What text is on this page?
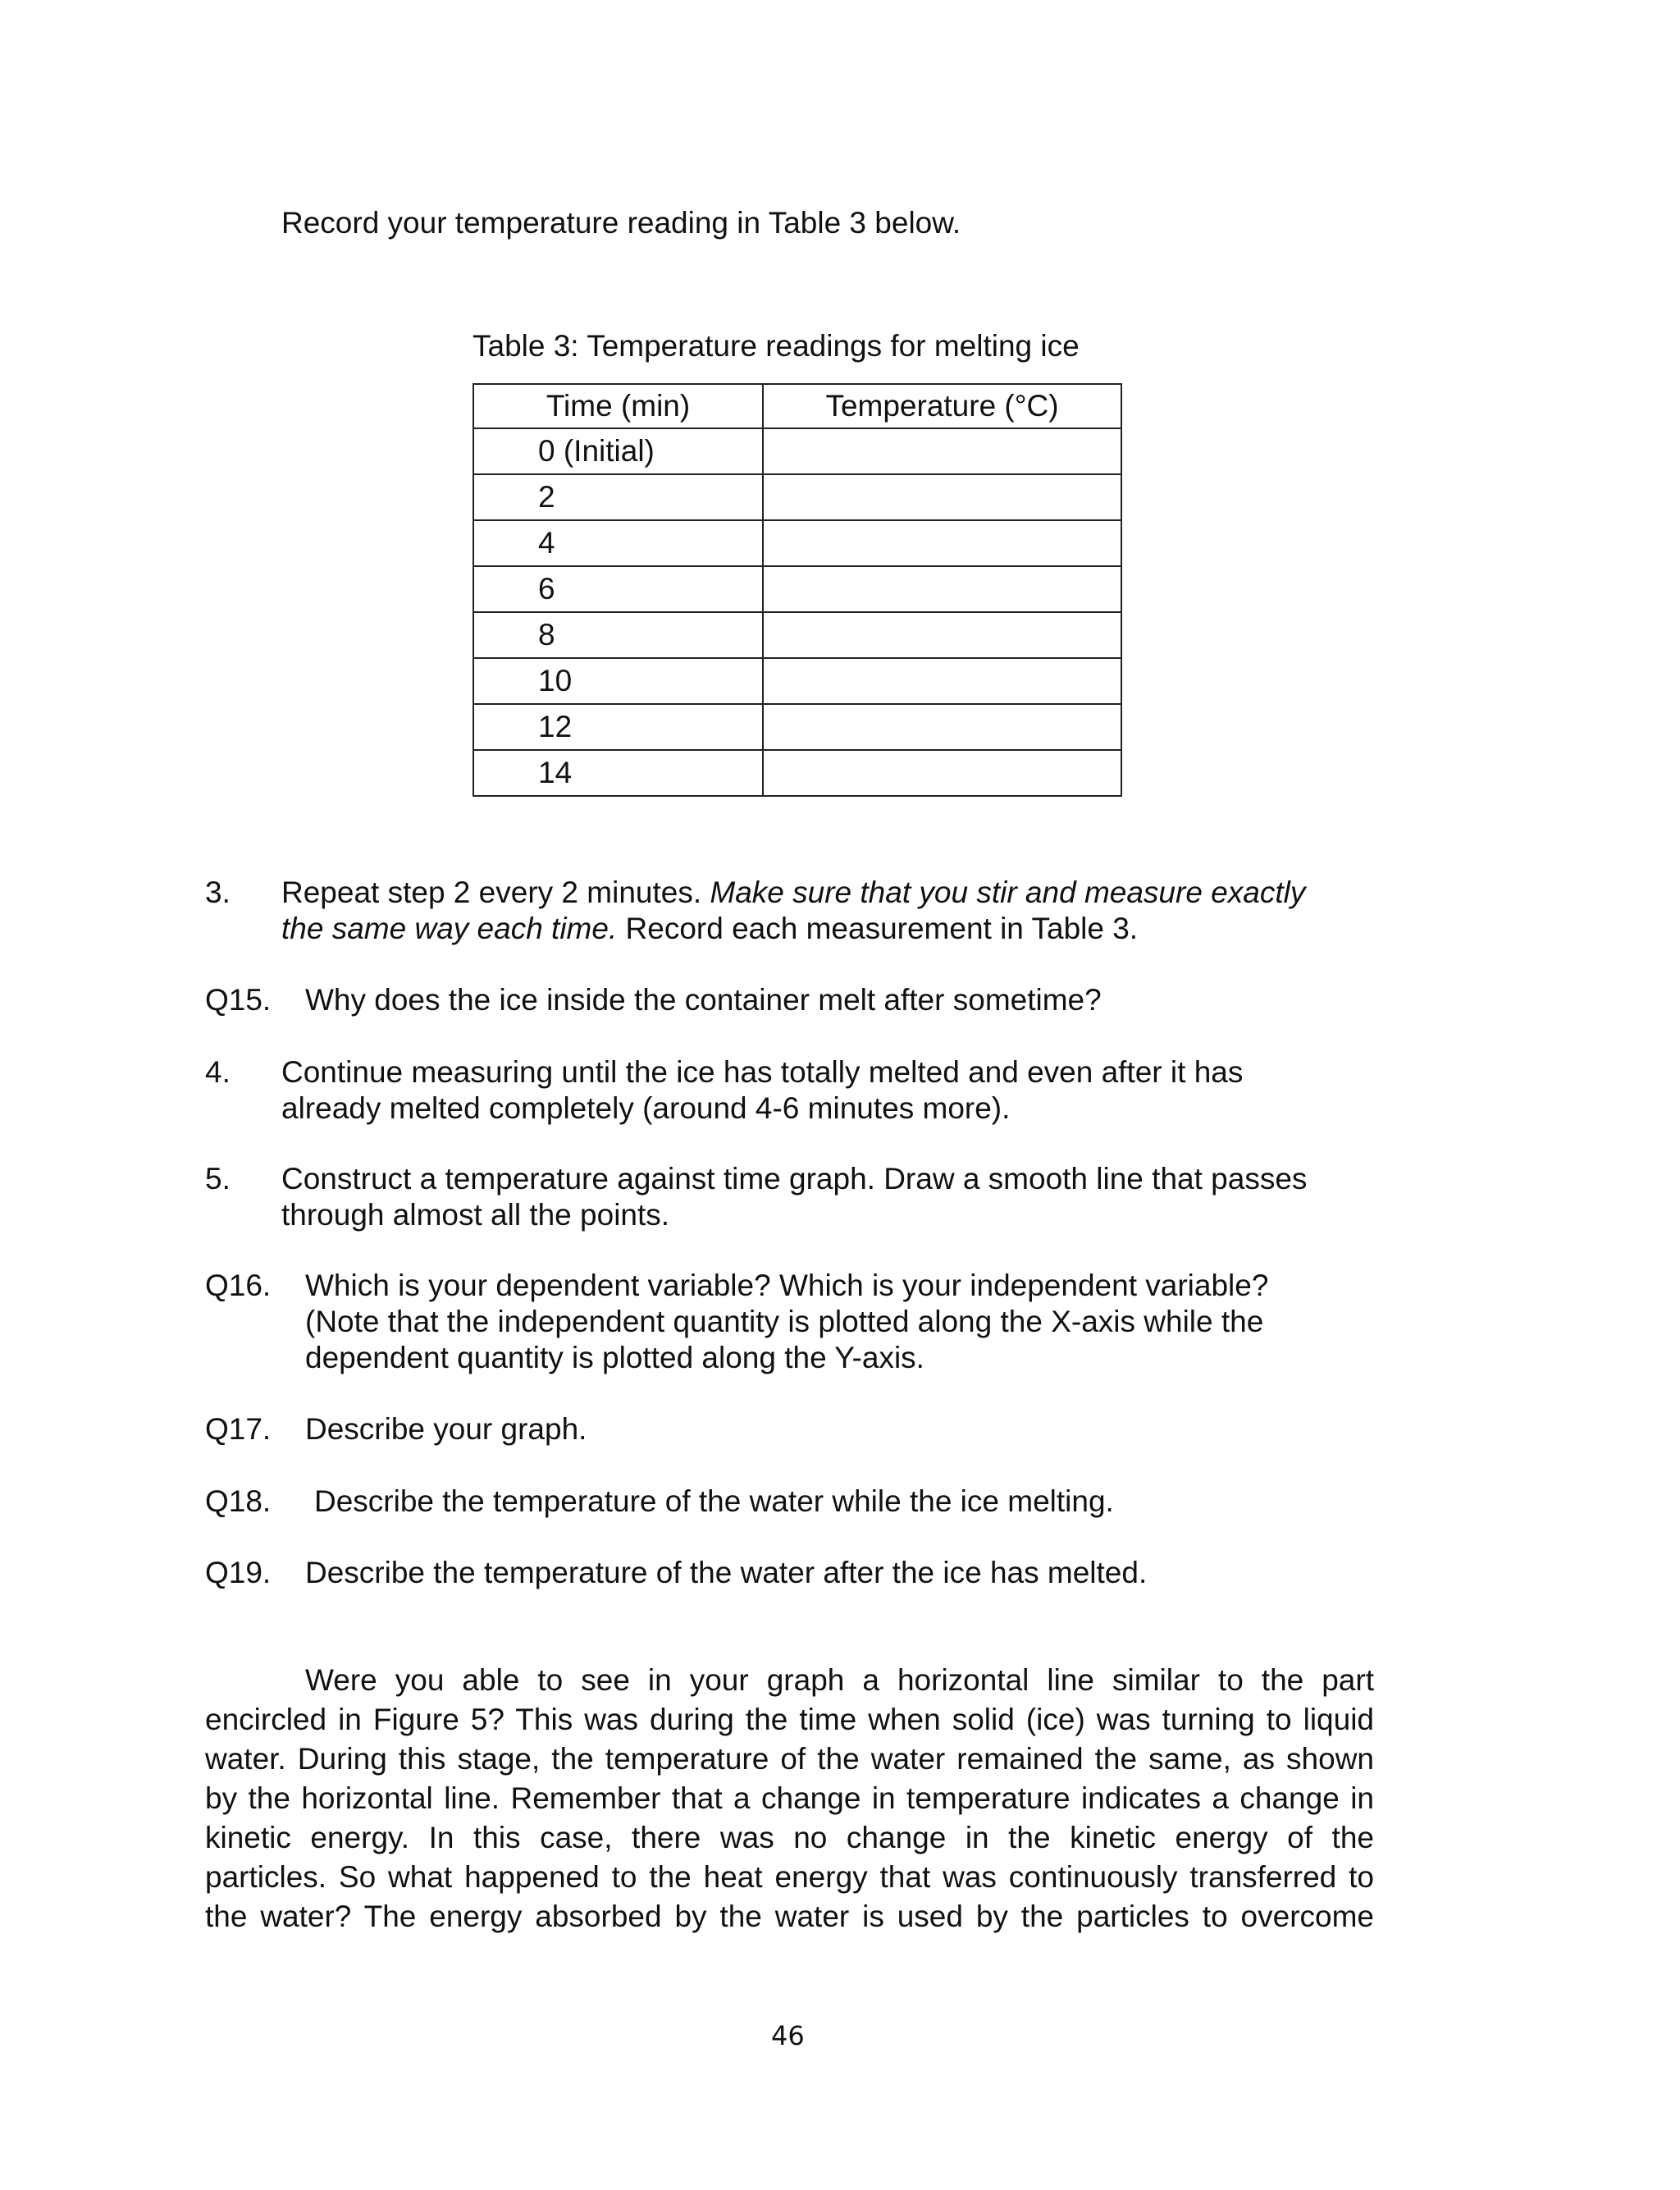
Record your temperature reading in Table 3 below.
Table 3: Temperature readings for melting ice
Time (min)	Temperature (°C)
0 (Initial)	
2	
4	
6	
8	
10	
12	
14	
3. Repeat step 2 every 2 minutes. Make sure that you stir and measure exactly
the same way each time. Record each measurement in Table 3.
Q15. Why does the ice inside the container melt after sometime?
4. Continue measuring until the ice has totally melted and even after it has
already melted completely (around 4-6 minutes more).
5. Construct a temperature against time graph. Draw a smooth line that passes
through almost all the points.
Q16. Which is your dependent variable? Which is your independent variable?
(Note that the independent quantity is plotted along the X-axis while the
dependent quantity is plotted along the Y-axis.
Q17. Describe your graph.
Q18. Describe the temperature of the water while the ice melting.
Q19. Describe the temperature of the water after the ice has melted.

Were you able to see in your graph a horizontal line similar to the part

encircled in Figure 5? This was during the time when solid (ice) was turning to liquid

water. During this stage, the temperature of the water remained the same, as shown

by the horizontal line. Remember that a change in temperature indicates a change in

kinetic energy. In this case, there was no change in the kinetic energy of the

particles. So what happened to the heat energy that was continuously transferred to

the water? The energy absorbed by the water is used by the particles to overcome

46
